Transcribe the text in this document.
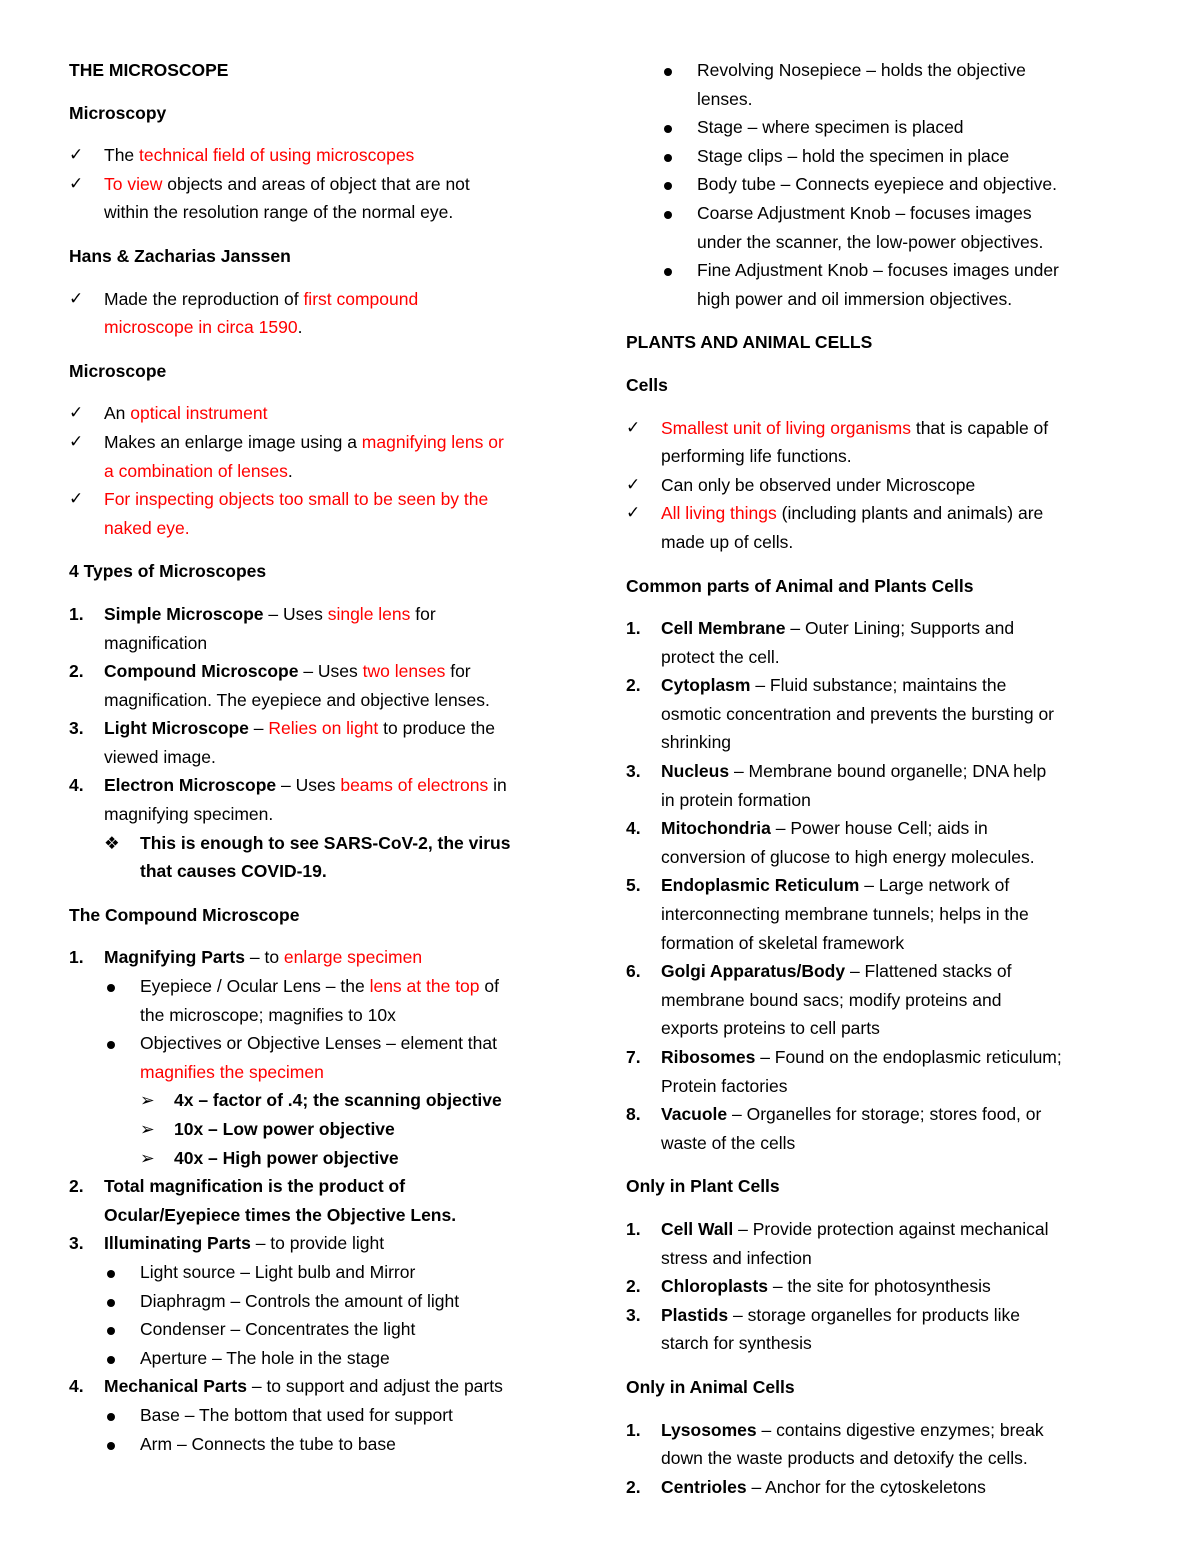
THE MICROSCOPE
Microscopy
✓	The technical field of using microscopes
✓	To view objects and areas of object that are not
within the resolution range of the normal eye.
Hans & Zacharias Janssen
✓	Made the reproduction of first compound
microscope in circa 1590.
Microscope
✓	An optical instrument
✓	Makes an enlarge image using a magnifying lens or
a combination of lenses.
✓	For inspecting objects too small to be seen by the
naked eye.
4 Types of Microscopes
1.	Simple Microscope – Uses single lens for
magnification
2.	Compound Microscope – Uses two lenses for
magnification. The eyepiece and objective lenses.
3.	Light Microscope – Relies on light to produce the
viewed image.
4.	Electron Microscope – Uses beams of electrons in
magnifying specimen.
❖	This is enough to see SARS-CoV-2, the virus
that causes COVID-19.
The Compound Microscope
1.	Magnifying Parts – to enlarge specimen
Eyepiece / Ocular Lens – the lens at the top of
the microscope; magnifies to 10x
Objectives or Objective Lenses – element that
magnifies the specimen
➢	4x – factor of .4; the scanning objective
➢	10x – Low power objective
➢	40x – High power objective
2.	Total magnification is the product of
Ocular/Eyepiece times the Objective Lens.
3.	Illuminating Parts – to provide light
Light source – Light bulb and Mirror
Diaphragm – Controls the amount of light
Condenser – Concentrates the light
Aperture – The hole in the stage
4.	Mechanical Parts – to support and adjust the parts
Base – The bottom that used for support
Arm – Connects the tube to base
Revolving Nosepiece – holds the objective
lenses.
Stage – where specimen is placed
Stage clips – hold the specimen in place
Body tube – Connects eyepiece and objective.
Coarse Adjustment Knob – focuses images
under the scanner, the low-power objectives.
Fine Adjustment Knob – focuses images under
high power and oil immersion objectives.
PLANTS AND ANIMAL CELLS
Cells
✓	Smallest unit of living organisms that is capable of
performing life functions.
✓	Can only be observed under Microscope
✓	All living things (including plants and animals) are
made up of cells.
Common parts of Animal and Plants Cells
1.	Cell Membrane – Outer Lining; Supports and
protect the cell.
2.	Cytoplasm – Fluid substance; maintains the
osmotic concentration and prevents the bursting or
shrinking
3.	Nucleus – Membrane bound organelle; DNA help
in protein formation
4.	Mitochondria – Power house Cell; aids in
conversion of glucose to high energy molecules.
5.	Endoplasmic Reticulum – Large network of
interconnecting membrane tunnels; helps in the
formation of skeletal framework
6.	Golgi Apparatus/Body – Flattened stacks of
membrane bound sacs; modify proteins and
exports proteins to cell parts
7.	Ribosomes – Found on the endoplasmic reticulum;
Protein factories
8.	Vacuole – Organelles for storage; stores food, or
waste of the cells
Only in Plant Cells
1.	Cell Wall – Provide protection against mechanical
stress and infection
2.	Chloroplasts – the site for photosynthesis
3.	Plastids – storage organelles for products like
starch for synthesis
Only in Animal Cells
1.	Lysosomes – contains digestive enzymes; break
down the waste products and detoxify the cells.
2.	Centrioles – Anchor for the cytoskeletons
